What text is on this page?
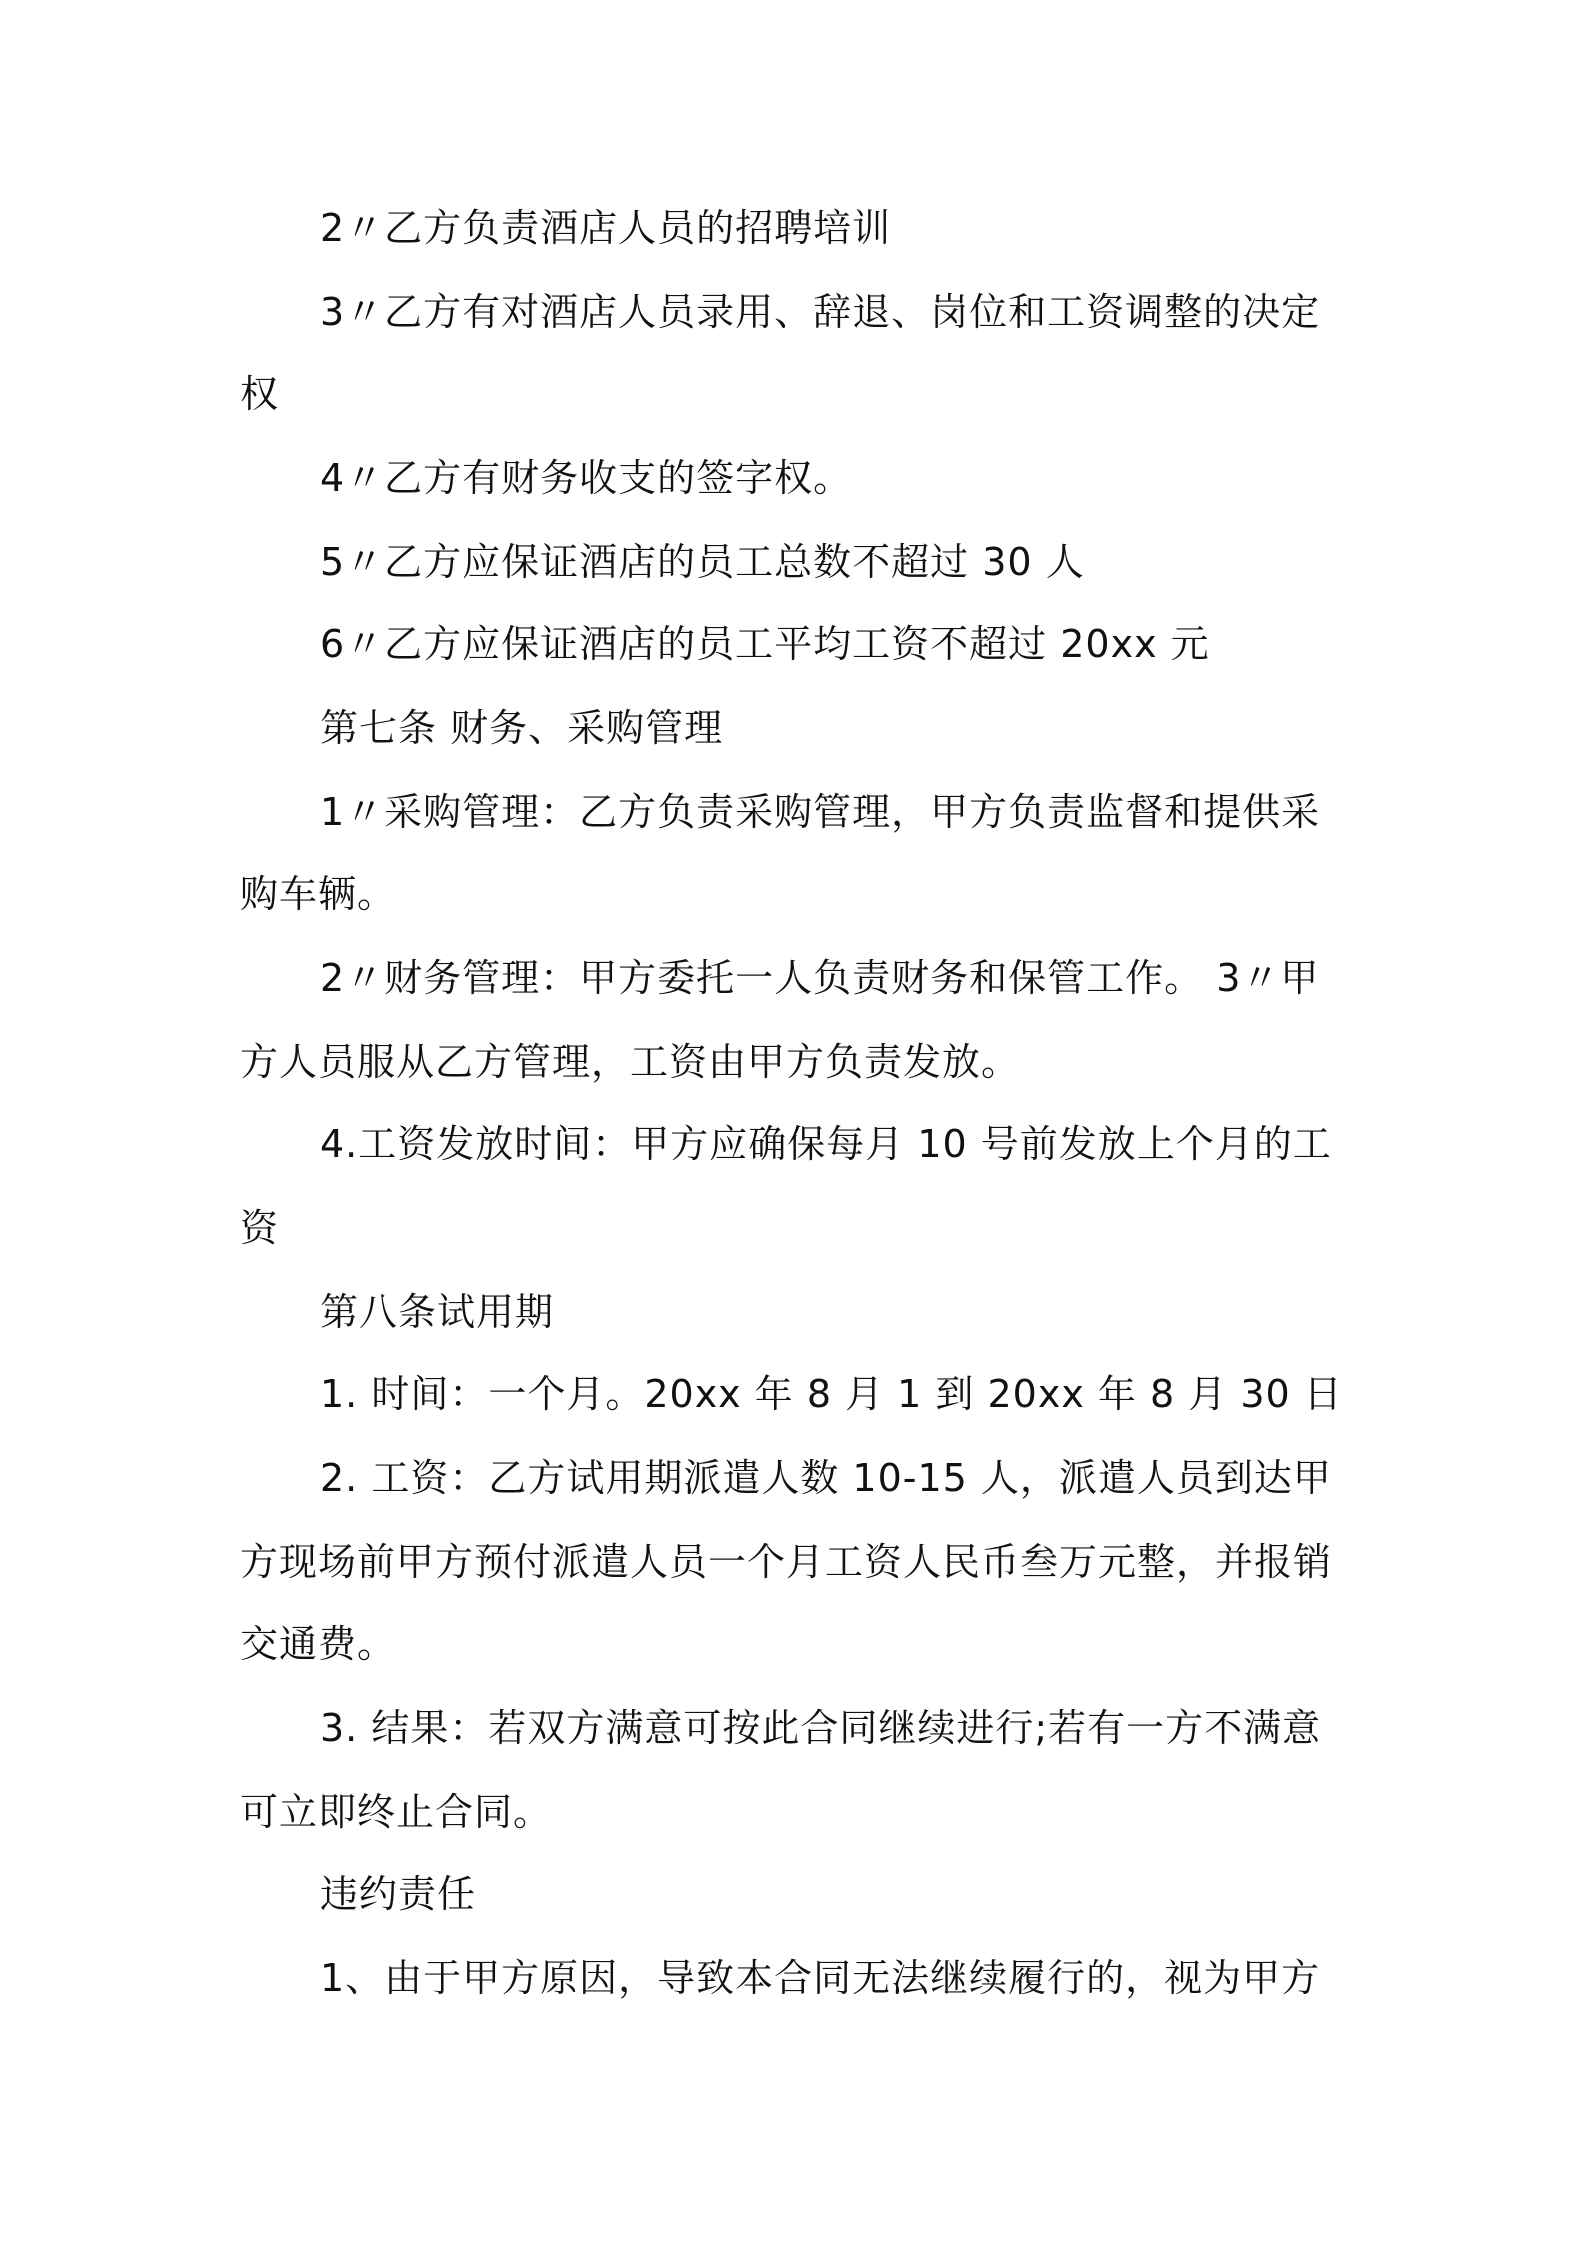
2〃乙方负责酒店人员的招聘培训
3〃乙方有对酒店人员录用、辞退、岗位和工资调整的决定
权
4〃乙方有财务收支的签字权。
5〃乙方应保证酒店的员工总数不超过 30 人
6〃乙方应保证酒店的员工平均工资不超过 20xx 元
第七条 财务、采购管理
1〃采购管理：乙方负责采购管理，甲方负责监督和提供采
购车辆。
2〃财务管理：甲方委托一人负责财务和保管工作。 3〃甲
方人员服从乙方管理，工资由甲方负责发放。
4.工资发放时间：甲方应确保每月 10 号前发放上个月的工
资
第八条试用期
1. 时间：一个月。20xx 年 8 月 1 到 20xx 年 8 月 30 日
2. 工资：乙方试用期派遣人数 10-15 人，派遣人员到达甲
方现场前甲方预付派遣人员一个月工资人民币叁万元整，并报销
交通费。
3. 结果：若双方满意可按此合同继续进行;若有一方不满意
可立即终止合同。
违约责任
1、由于甲方原因，导致本合同无法继续履行的，视为甲方
